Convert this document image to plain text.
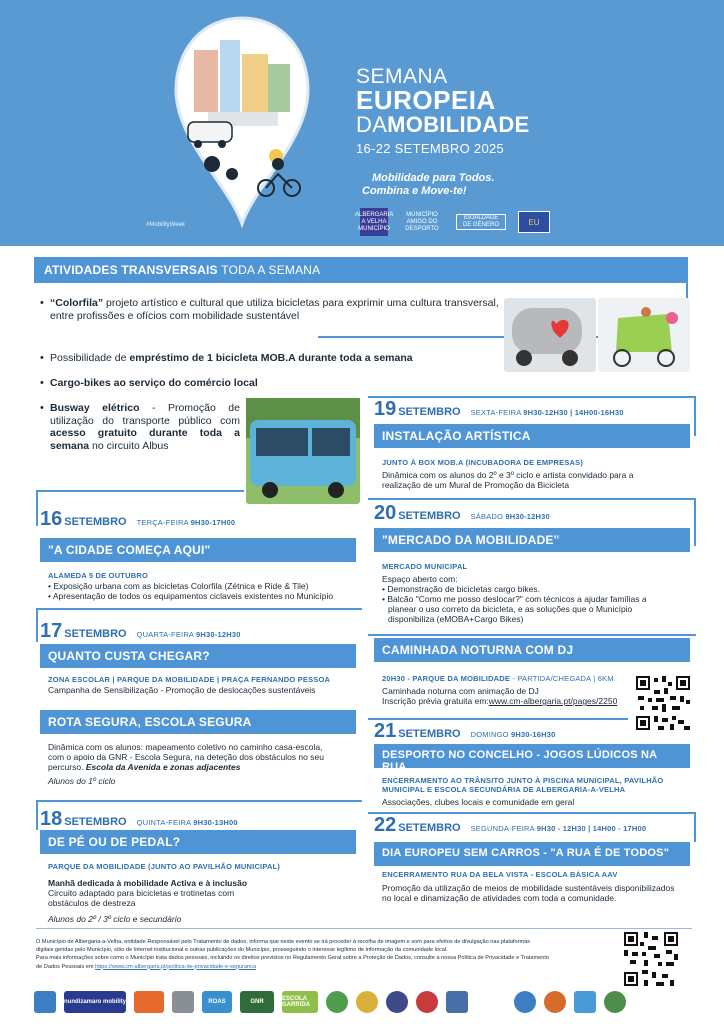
#MobilityWeek
SEMANA
EUROPEIA
DAMOBILIDADE
16-22 SETEMBRO 2025
Mobilidade para Todos.
Combina e Move-te!
ALBERGARIA A VELHA MUNICÍPIO
MUNICÍPIO AMIGO DO DESPORTO
IGUALDADE DE GÉNERO	EU
ATIVIDADES TRANSVERSAIS TODA A SEMANA
• “Colorfila” projeto artístico e cultural que utiliza bicicletas para exprimir uma cultura transversal, entre profissões e ofícios com mobilidade sustentável
• Possibilidade de empréstimo de 1 bicicleta MOB.A durante toda a semana
• Cargo-bikes ao serviço do comércio local
• Busway elétrico - Promoção de utilização do transporte público com acesso gratuito durante toda a semana no circuito Albus
16 SETEMBRO TERÇA-FEIRA 9H30-17H00
"A CIDADE COMEÇA AQUI"
ALAMEDA 5 DE OUTUBRO
• Exposição urbana com as bicicletas Colorfila (Zétnica e Ride & Tile)
• Apresentação de todos os equipamentos ciclaveis existentes no Município
17 SETEMBRO QUARTA-FEIRA 9H30-12H30
QUANTO CUSTA CHEGAR?
ZONA ESCOLAR | PARQUE DA MOBILIDADE | PRAÇA FERNANDO PESSOA
Campanha de Sensibilização - Promoção de deslocações sustentáveis
ROTA SEGURA, ESCOLA SEGURA
Dinâmica com os alunos: mapeamento coletivo no caminho casa-escola,
com o apoio da GNR - Escola Segura, na deteção dos obstáculos no seu
percurso. Escola da Avenida e zonas adjacentes
Alunos do 1º ciclo
18 SETEMBRO QUINTA-FEIRA 9H30-13H00
DE PÉ OU DE PEDAL?
PARQUE DA MOBILIDADE (JUNTO AO PAVILHÃO MUNICIPAL)
Manhã dedicada à mobilidade Activa e à inclusão
Circuito adaptado para bicicletas e trotinetas com
obstáculos de destreza
Alunos do 2º / 3º ciclo e secundário
19 SETEMBRO SEXTA-FEIRA 9H30-12H30 | 14H00-16H30
INSTALAÇÃO ARTÍSTICA
JUNTO À BOX MOB.A (INCUBADORA DE EMPRESAS)
Dinâmica com os alunos do 2º e 3º ciclo e artista convidado para a
realização de um Mural de Promoção da Bicicleta
20 SETEMBRO SÁBADO 9H30-12H30
"MERCADO DA MOBILIDADE"
MERCADO MUNICIPAL
Espaço aberto com:
• Demonstração de bicicletas cargo bikes.
• Balcão "Como me posso deslocar?" com técnicos a ajudar famílias a
planear o uso correto da bicicleta, e as soluções que o Município
disponibiliza (eMOBA+Cargo Bikes)
CAMINHADA NOTURNA COM DJ
20H30 - PARQUE DA MOBILIDADE - PARTIDA/CHEGADA | 6KM
Caminhada noturna com animação de DJ
Inscrição prévia gratuita em:www.cm-albergaria.pt/pages/2250
21 SETEMBRO DOMINGO 9H30-16H30
DESPORTO NO CONCELHO - JOGOS LÚDICOS NA RUA
ENCERRAMENTO AO TRÂNSITO JUNTO À PISCINA MUNICIPAL, PAVILHÃO
MUNICIPAL E ESCOLA SECUNDÁRIA DE ALBERGARIA-A-VELHA
Associações, clubes locais e comunidade em geral
22 SETEMBRO SEGUNDA-FEIRA 9H30 - 12H30 | 14H00 - 17H00
DIA EUROPEU SEM CARROS - "A RUA É DE TODOS"
ENCERRAMENTO RUA DA BELA VISTA - ESCOLA BÁSICA AAV
Promoção da utilização de meios de mobilidade sustentáveis disponibilizados
no local e dinamização de atividades com toda a comunidade.
O Município de Albergaria-a-Velha, entidade Responsável pelo Tratamento de dados, informa que neste evento se irá proceder à recolha de imagem e som para efeitos de divulgação nas plataformas
digitais geridas pelo Município, sítio de Internet institucional e outras publicações do Município, prosseguindo o interesse legítimo de informação da comunidade local.
Para mais informações sobre como o Município trata dados pessoais, incluindo os direitos previstos no Regulamento Geral sobre a Proteção de Dados, consulte a nossa Política de Privacidade e Tratamento
de Dados Pessoais em https://www.cm-albergaria.pt/politica-de-privacidade-e-seguranca
nundizamaro mobility	ROAS	GNR	ESCOLA GARRIDA
